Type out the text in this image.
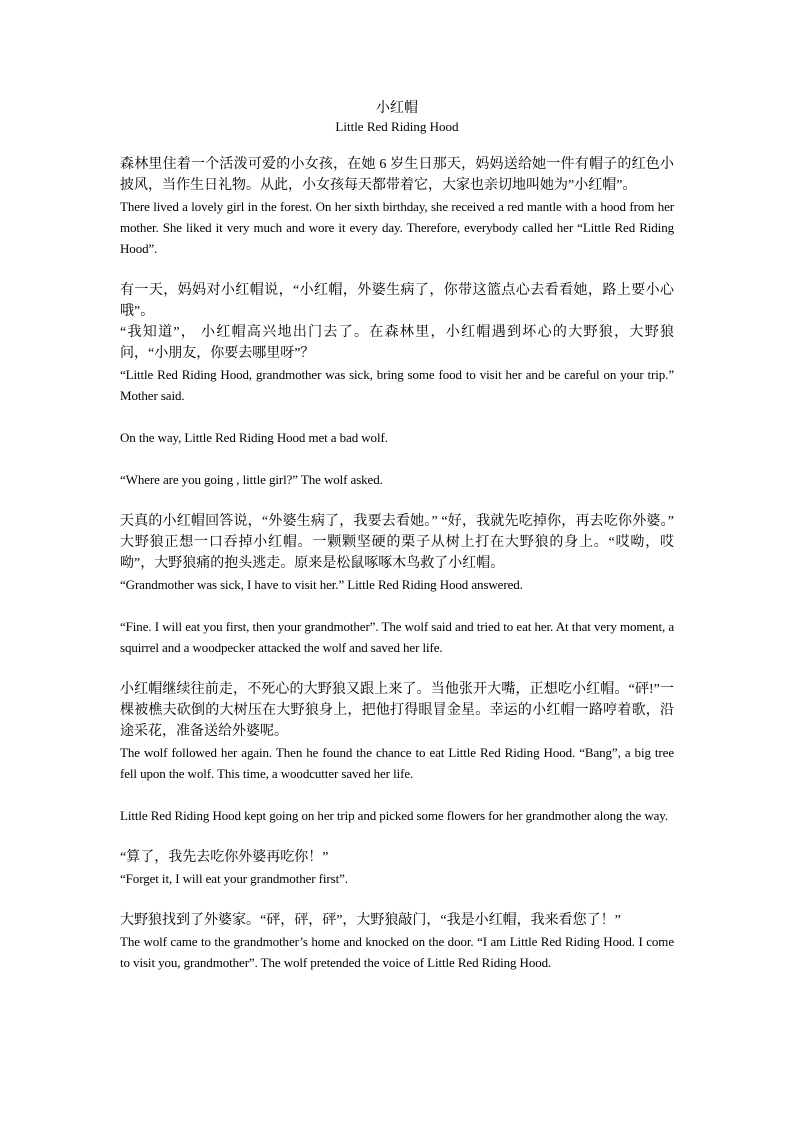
小红帽
Little Red Riding Hood

森林里住着一个活泼可爱的小女孩，在她 6 岁生日那天，妈妈送给她一件有帽子的红色小披风，当作生日礼物。从此，小女孩每天都带着它，大家也亲切地叫她为”小红帽”。

There lived a lovely girl in the forest. On her sixth birthday, she received a red mantle with a hood from her mother. She liked it very much and wore it every day. Therefore, everybody called her “Little Red Riding Hood”.

有一天，妈妈对小红帽说，“小红帽，外婆生病了，你带这篮点心去看看她，路上要小心哦”。

“我知道”， 小红帽高兴地出门去了。在森林里，小红帽遇到坏心的大野狼，大野狼问，“小朋友，你要去哪里呀”？

“Little Red Riding Hood, grandmother was sick, bring some food to visit her and be careful on your trip.” Mother said.

On the way, Little Red Riding Hood met a bad wolf.

“Where are you going , little girl?” The wolf asked.

天真的小红帽回答说，“外婆生病了，我要去看她。” “好，我就先吃掉你，再去吃你外婆。” 大野狼正想一口吞掉小红帽。一颗颗坚硬的栗子从树上打在大野狼的身上。“哎呦，哎呦”，大野狼痛的抱头逃走。原来是松鼠啄啄木鸟救了小红帽。

“Grandmother was sick, I have to visit her.” Little Red Riding Hood answered.

“Fine. I will eat you first, then your grandmother”. The wolf said and tried to eat her. At that very moment, a squirrel and a woodpecker attacked the wolf and saved her life.

小红帽继续往前走，不死心的大野狼又跟上来了。当他张开大嘴，正想吃小红帽。“砰!”一棵被樵夫砍倒的大树压在大野狼身上，把他打得眼冒金星。幸运的小红帽一路哼着歌，沿途采花，准备送给外婆呢。

The wolf followed her again. Then he found the chance to eat Little Red Riding Hood. “Bang”, a big tree fell upon the wolf. This time, a woodcutter saved her life.

Little Red Riding Hood kept going on her trip and picked some flowers for her grandmother along the way.

“算了，我先去吃你外婆再吃你！”

“Forget it, I will eat your grandmother first”.

大野狼找到了外婆家。“砰，砰，砰”，大野狼敲门，“我是小红帽，我来看您了！”

The wolf came to the grandmother’s home and knocked on the door. “I am Little Red Riding Hood. I come to visit you, grandmother”. The wolf pretended the voice of Little Red Riding Hood.
